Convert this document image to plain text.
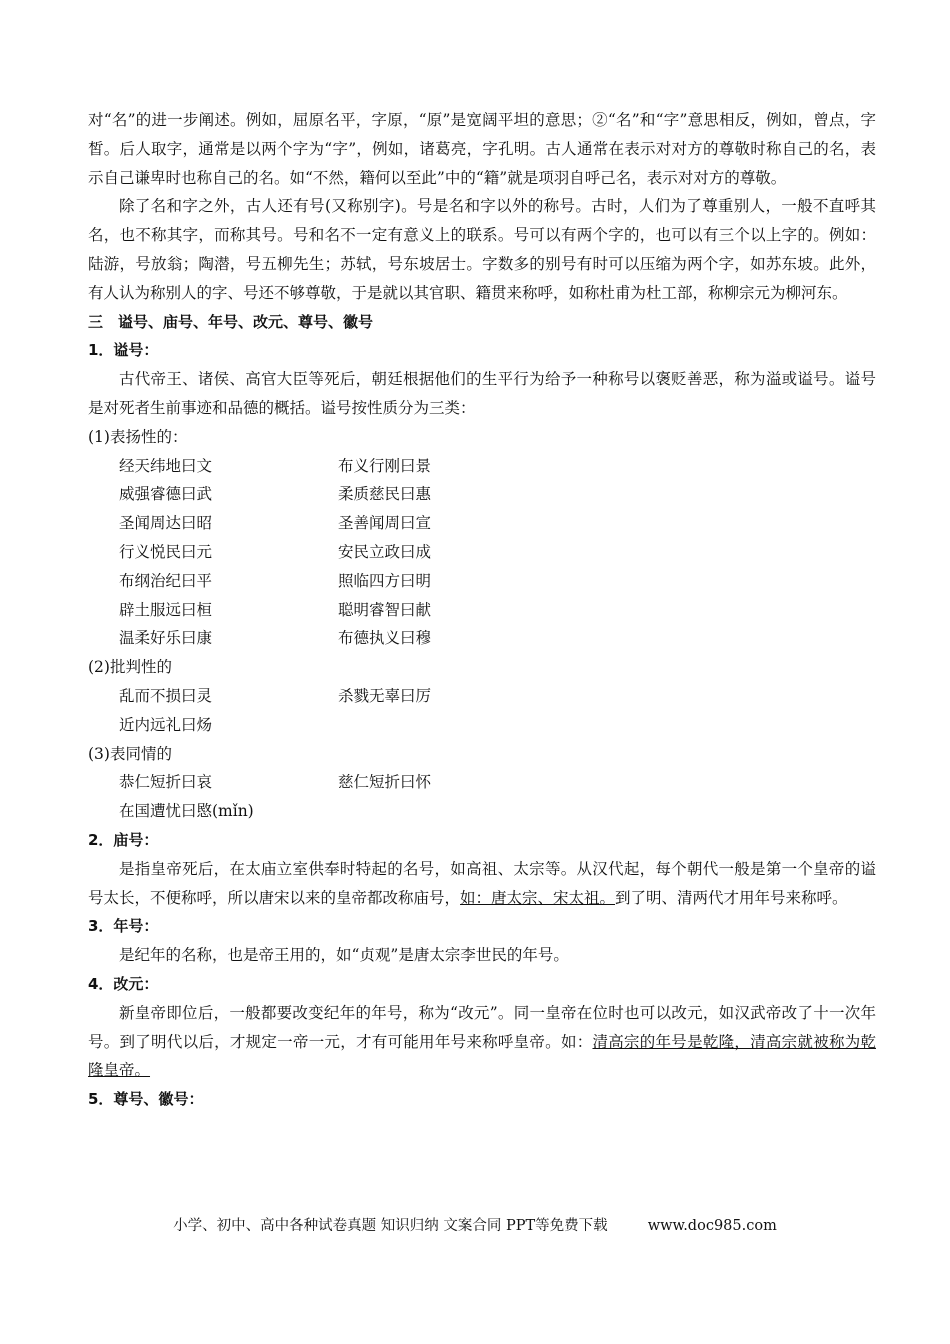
对“名”的进一步阐述。例如，屈原名平，字原，“原”是宽阔平坦的意思；②“名”和“字”意思相反，例如，曾点，字皙。后人取字，通常是以两个字为“字”，例如，诸葛亮，字孔明。古人通常在表示对对方的尊敬时称自己的名，表示自己谦卑时也称自己的名。如“不然，籍何以至此”中的“籍”就是项羽自呼己名，表示对对方的尊敬。

除了名和字之外，古人还有号(又称别字)。号是名和字以外的称号。古时，人们为了尊重别人，一般不直呼其名，也不称其字，而称其号。号和名不一定有意义上的联系。号可以有两个字的，也可以有三个以上字的。例如：陆游，号放翁；陶潜，号五柳先生；苏轼，号东坡居士。字数多的别号有时可以压缩为两个字，如苏东坡。此外，有人认为称别人的字、号还不够尊敬，于是就以其官职、籍贯来称呼，如称杜甫为杜工部，称柳宗元为柳河东。

三　谥号、庙号、年号、改元、尊号、徽号

1．谥号：

古代帝王、诸侯、高官大臣等死后，朝廷根据他们的生平行为给予一种称号以褒贬善恶，称为溢或谥号。谥号是对死者生前事迹和品德的概括。谥号按性质分为三类：

(1)表扬性的：

经天纬地曰文	布义行刚曰景
威强睿德曰武	柔质慈民曰惠
圣闻周达曰昭	圣善闻周曰宣
行义悦民曰元	安民立政曰成
布纲治纪曰平	照临四方曰明
辟土服远曰桓	聪明睿智曰献
温柔好乐曰康	布德执义曰穆

(2)批判性的

乱而不损曰灵	杀戮无辜曰厉
近内远礼曰炀

(3)表同情的

恭仁短折曰哀	慈仁短折曰怀
在国遭忧曰愍(mǐn)

2．庙号：

是指皇帝死后，在太庙立室供奉时特起的名号，如高祖、太宗等。从汉代起，每个朝代一般是第一个皇帝的谥号太长，不便称呼，所以唐宋以来的皇帝都改称庙号，如：唐太宗、宋太祖。到了明、清两代才用年号来称呼。

3．年号：

是纪年的名称，也是帝王用的，如“贞观”是唐太宗李世民的年号。

4．改元：

新皇帝即位后，一般都要改变纪年的年号，称为“改元”。同一皇帝在位时也可以改元，如汉武帝改了十一次年号。到了明代以后，才规定一帝一元，才有可能用年号来称呼皇帝。如：清高宗的年号是乾隆，清高宗就被称为乾隆皇帝。

5．尊号、徽号：

小学、初中、高中各种试卷真题 知识归纳 文案合同 PPT等免费下载	www.doc985.com
